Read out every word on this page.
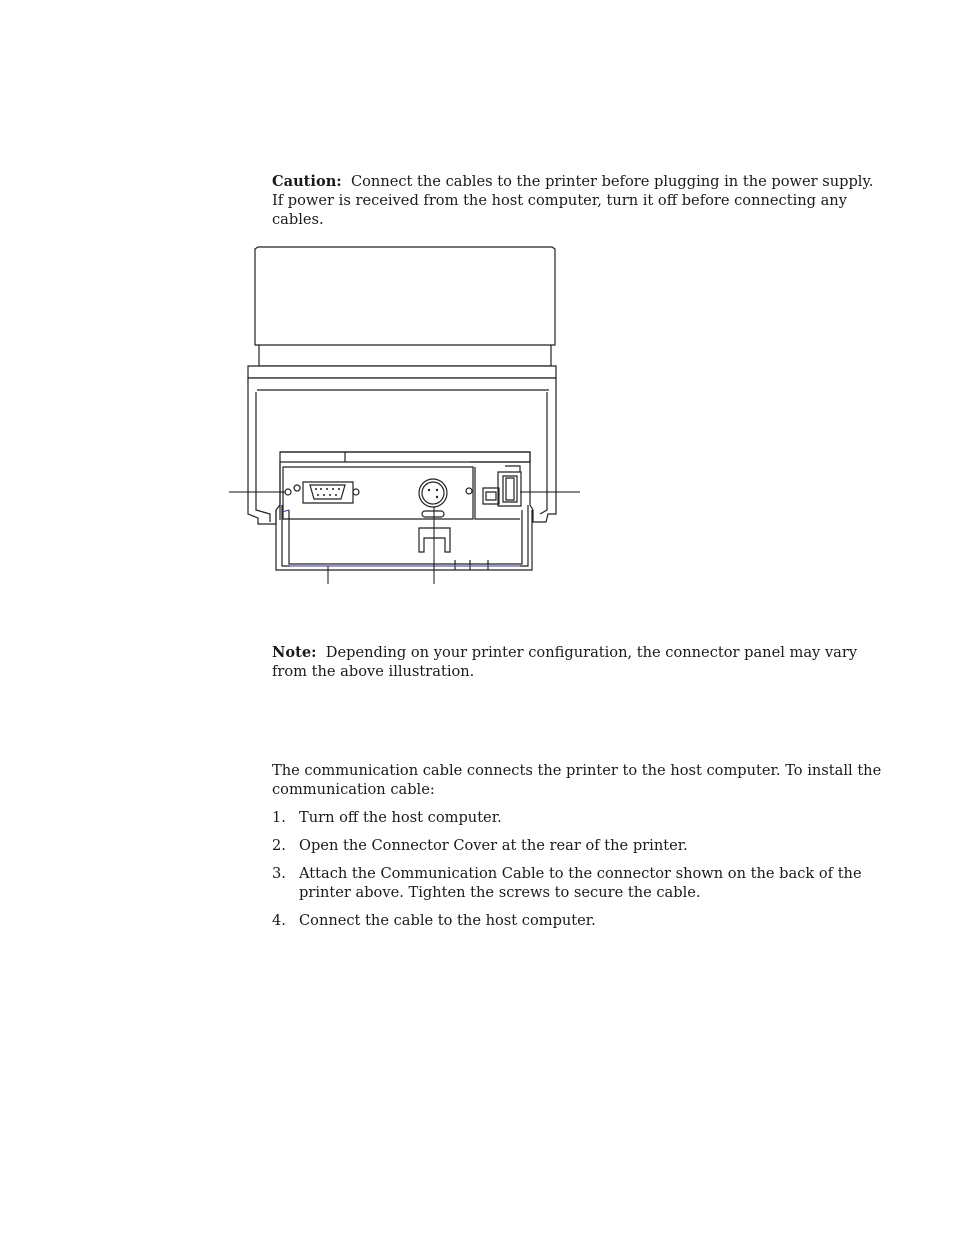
Caution: Connect the cables to the printer before plugging in the power supply. If power is received from the host computer, turn it off before connecting any cables.

Note: Depending on your printer configuration, the connector panel may vary from the above illustration.

The communication cable connects the printer to the host computer. To install the communication cable:

1. Turn off the host computer.
2. Open the Connector Cover at the rear of the printer.
3. Attach the Communication Cable to the connector shown on the back of the printer above. Tighten the screws to secure the cable.
4. Connect the cable to the host computer.
